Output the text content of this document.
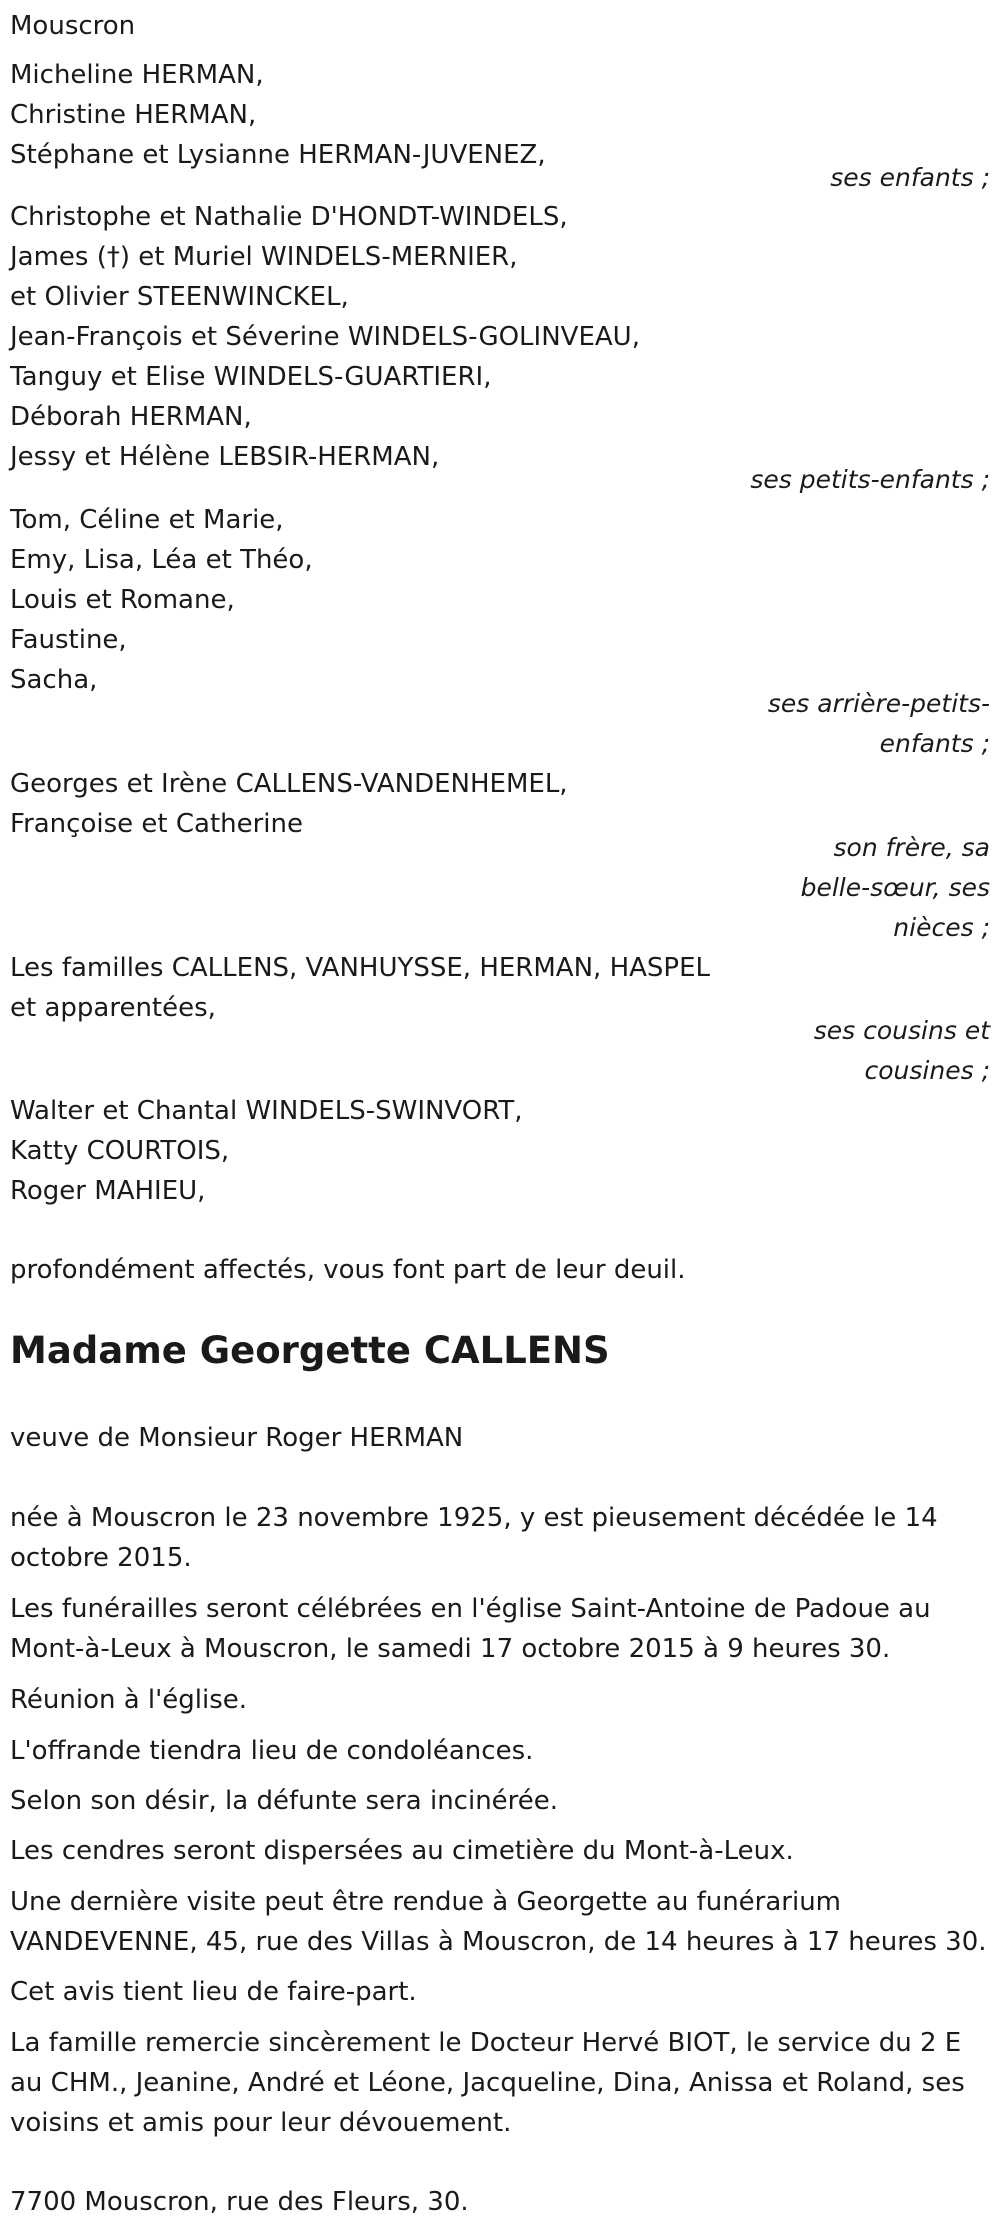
Mouscron
Micheline HERMAN,
Christine HERMAN,
Stéphane et Lysianne HERMAN-JUVENEZ,
ses enfants ;
Christophe et Nathalie D'HONDT-WINDELS,
James (†) et Muriel WINDELS-MERNIER,
et Olivier STEENWINCKEL,
Jean-François et Séverine WINDELS-GOLINVEAU,
Tanguy et Elise WINDELS-GUARTIERI,
Déborah HERMAN,
Jessy et Hélène LEBSIR-HERMAN,
ses petits-enfants ;
Tom, Céline et Marie,
Emy, Lisa, Léa et Théo,
Louis et Romane,
Faustine,
Sacha,
ses arrière-petits-
enfants ;
Georges et Irène CALLENS-VANDENHEMEL,
Françoise et Catherine
son frère, sa
belle-sœur, ses
nièces ;
Les familles CALLENS, VANHUYSSE, HERMAN, HASPEL
et apparentées,
ses cousins et
cousines ;
Walter et Chantal WINDELS-SWINVORT,
Katty COURTOIS,
Roger MAHIEU,
profondément affectés, vous font part de leur deuil.
Madame Georgette CALLENS
veuve de Monsieur Roger HERMAN
née à Mouscron le 23 novembre 1925, y est pieusement décédée le 14
octobre 2015.
Les funérailles seront célébrées en l'église Saint-Antoine de Padoue au
Mont-à-Leux à Mouscron, le samedi 17 octobre 2015 à 9 heures 30.
Réunion à l'église.
L'offrande tiendra lieu de condoléances.
Selon son désir, la défunte sera incinérée.
Les cendres seront dispersées au cimetière du Mont-à-Leux.
Une dernière visite peut être rendue à Georgette au funérarium
VANDEVENNE, 45, rue des Villas à Mouscron, de 14 heures à 17 heures 30.
Cet avis tient lieu de faire-part.
La famille remercie sincèrement le Docteur Hervé BIOT, le service du 2 E
au CHM., Jeanine, André et Léone, Jacqueline, Dina, Anissa et Roland, ses
voisins et amis pour leur dévouement.
7700 Mouscron, rue des Fleurs, 30.
